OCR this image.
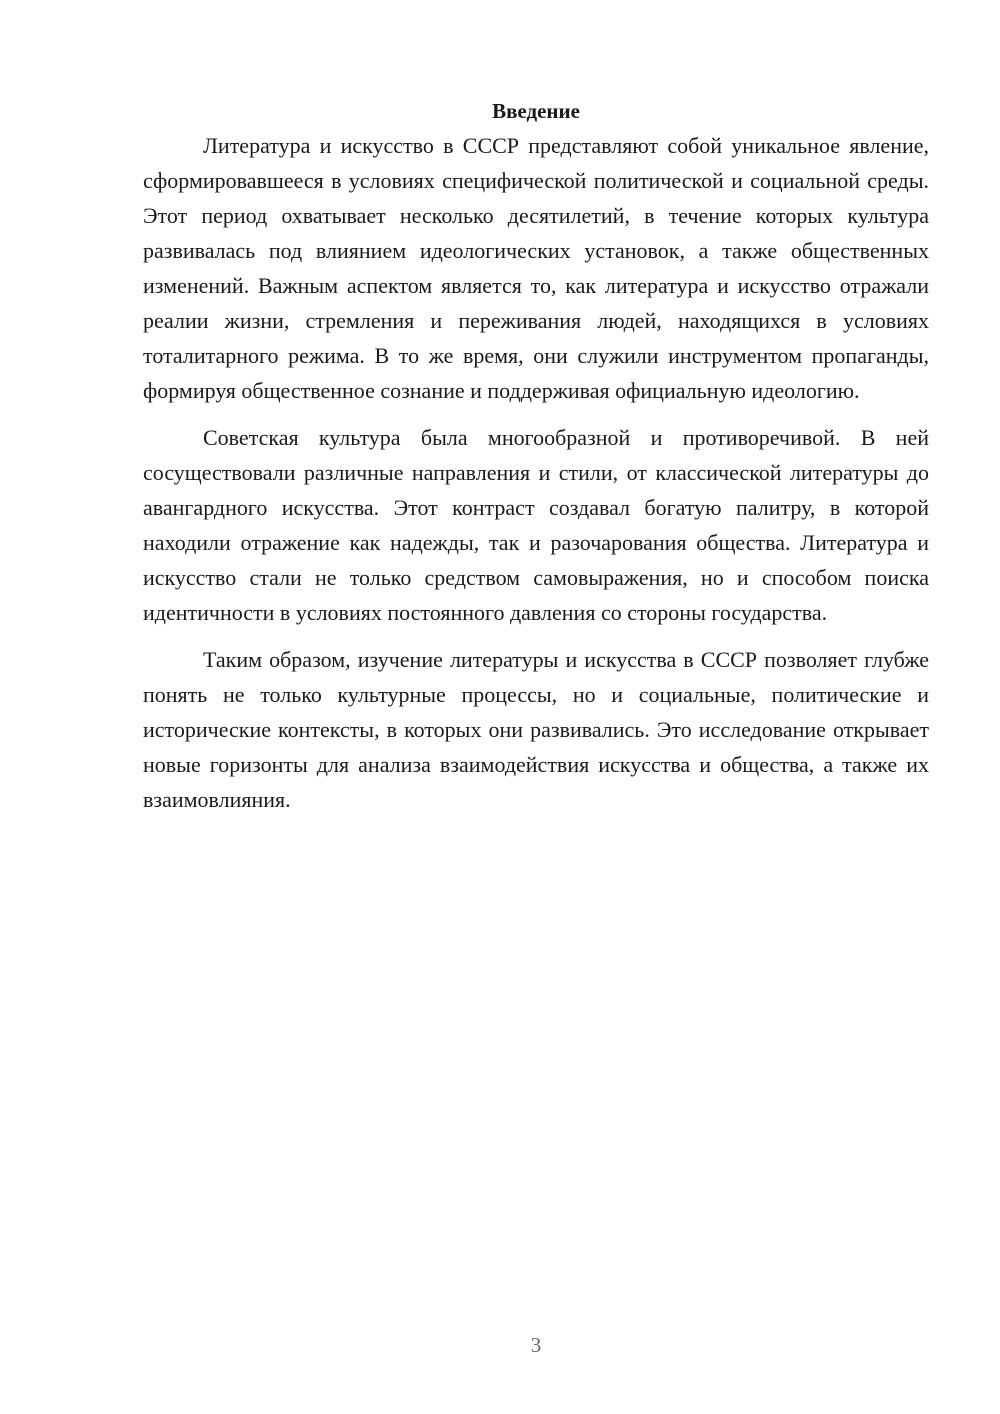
Введение

Литература и искусство в СССР представляют собой уникальное явление, сформировавшееся в условиях специфической политической и социальной среды. Этот период охватывает несколько десятилетий, в течение которых культура развивалась под влиянием идеологических установок, а также общественных изменений. Важным аспектом является то, как литература и искусство отражали реалии жизни, стремления и переживания людей, находящихся в условиях тоталитарного режима. В то же время, они служили инструментом пропаганды, формируя общественное сознание и поддерживая официальную идеологию.

Советская культура была многообразной и противоречивой. В ней сосуществовали различные направления и стили, от классической литературы до авангардного искусства. Этот контраст создавал богатую палитру, в которой находили отражение как надежды, так и разочарования общества. Литература и искусство стали не только средством самовыражения, но и способом поиска идентичности в условиях постоянного давления со стороны государства.

Таким образом, изучение литературы и искусства в СССР позволяет глубже понять не только культурные процессы, но и социальные, политические и исторические контексты, в которых они развивались. Это исследование открывает новые горизонты для анализа взаимодействия искусства и общества, а также их взаимовлияния.

3
